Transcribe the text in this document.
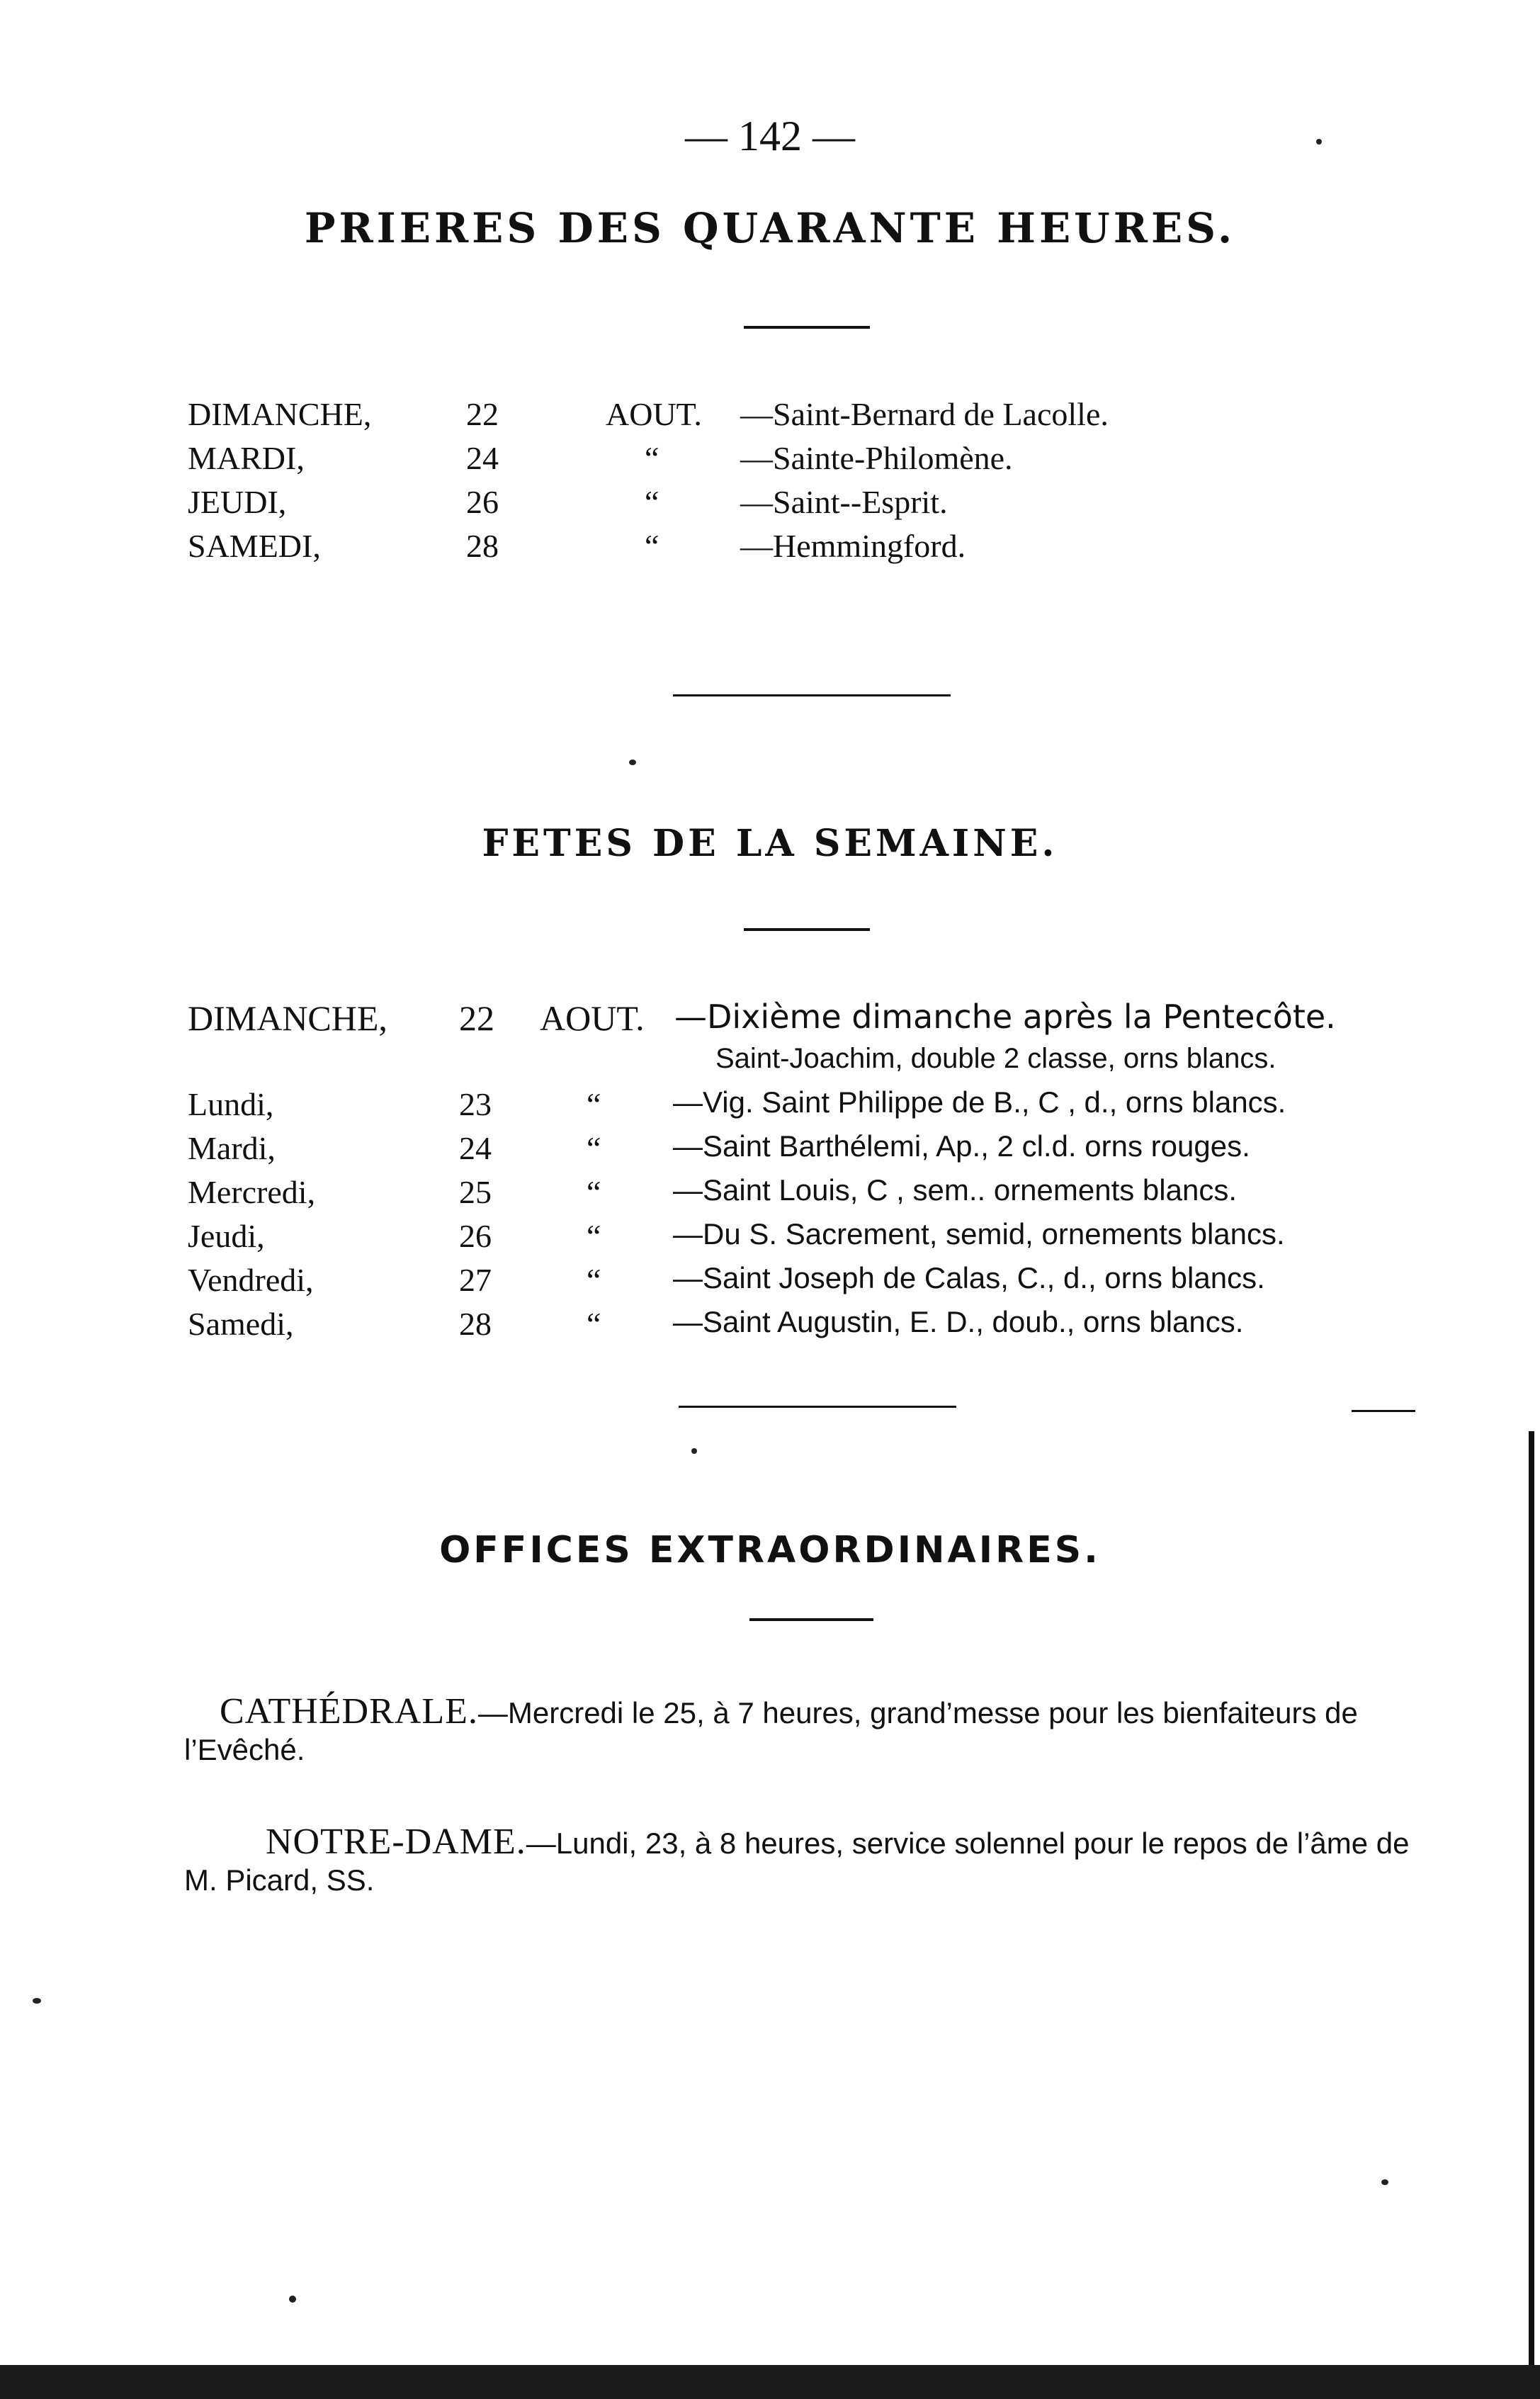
— 142 —
PRIERES DES QUARANTE HEURES.
DIMANCHE,	22	AOUT. —Saint-Bernard de Lacolle.
MARDI,	24	“ —Sainte-Philomène.
JEUDI,	26	“ —Saint--Esprit.
SAMEDI,	28	“ —Hemmingford.
FETES DE LA SEMAINE.
DIMANCHE, 22 AOUT. —Dixième dimanche après la Pentecôte.
Saint-Joachim, double 2 classe, orns blancs.
Lundi,	23	“ —Vig. Saint Philippe de B., C , d., orns blancs.
Mardi,	24	“ —Saint Barthélemi, Ap., 2 cl.d. orns rouges.
Mercredi,	25	“ —Saint Louis, C , sem.. ornements blancs.
Jeudi,	26	“ —Du S. Sacrement, semid, ornements blancs.
Vendredi,	27	“ —Saint Joseph de Calas, C., d., orns blancs.
Samedi,	28	“ —Saint Augustin, E. D., doub., orns blancs.
OFFICES EXTRAORDINAIRES.
CATHÉDRALE.—Mercredi le 25, à 7 heures, grand’messe pour les bienfaiteurs de l’Evêché.
NOTRE-DAME.—Lundi, 23, à 8 heures, service solennel pour le repos de l’âme de M. Picard, SS.
